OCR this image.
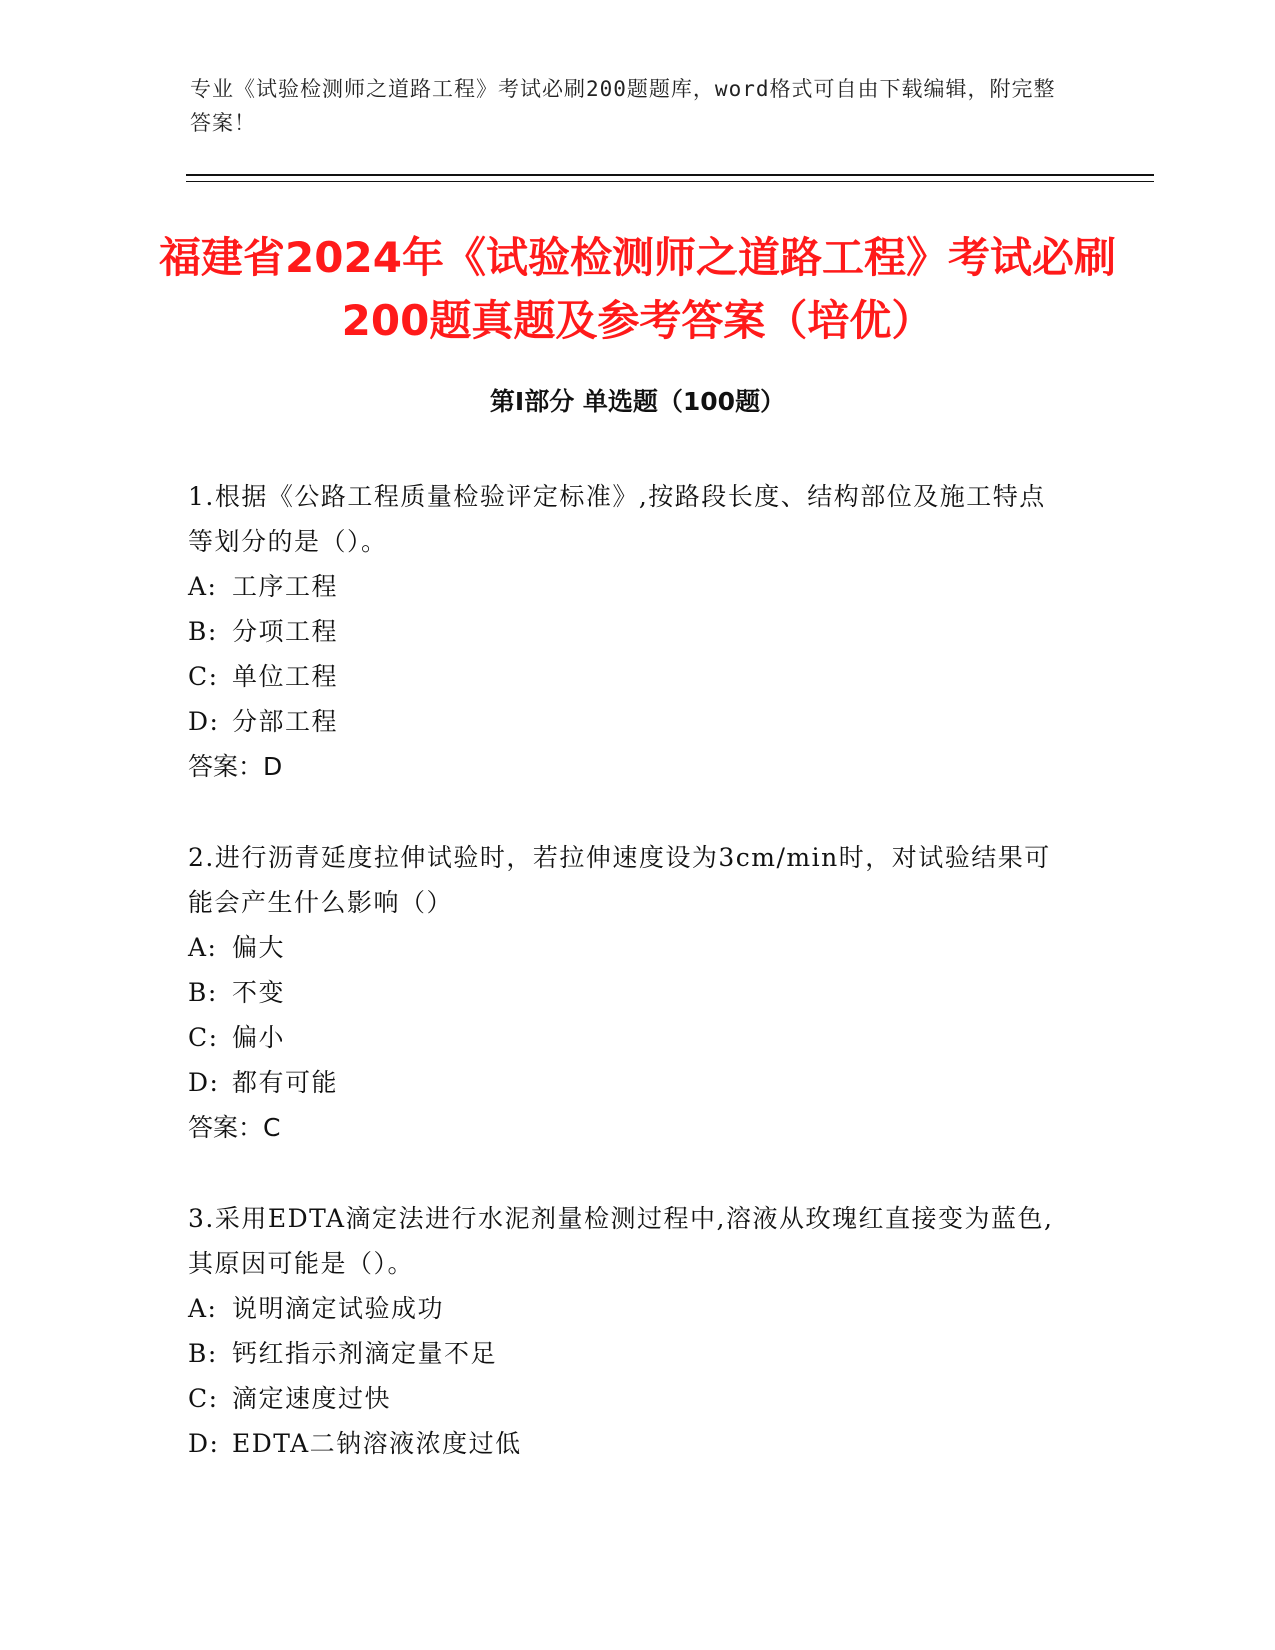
专业《试验检测师之道路工程》考试必刷200题题库，word格式可自由下载编辑，附完整答案！
福建省2024年《试验检测师之道路工程》考试必刷200题真题及参考答案（培优）
第Ⅰ部分 单选题（100题）
1.根据《公路工程质量检验评定标准》,按路段长度、结构部位及施工特点等划分的是（）。
A: 工序工程
B: 分项工程
C: 单位工程
D: 分部工程
答案：D
2.进行沥青延度拉伸试验时，若拉伸速度设为3cm/min时，对试验结果可能会产生什么影响（）
A: 偏大
B: 不变
C: 偏小
D: 都有可能
答案：C
3.采用EDTA滴定法进行水泥剂量检测过程中,溶液从玫瑰红直接变为蓝色,其原因可能是（）。
A: 说明滴定试验成功
B: 钙红指示剂滴定量不足
C: 滴定速度过快
D: EDTA二钠溶液浓度过低
